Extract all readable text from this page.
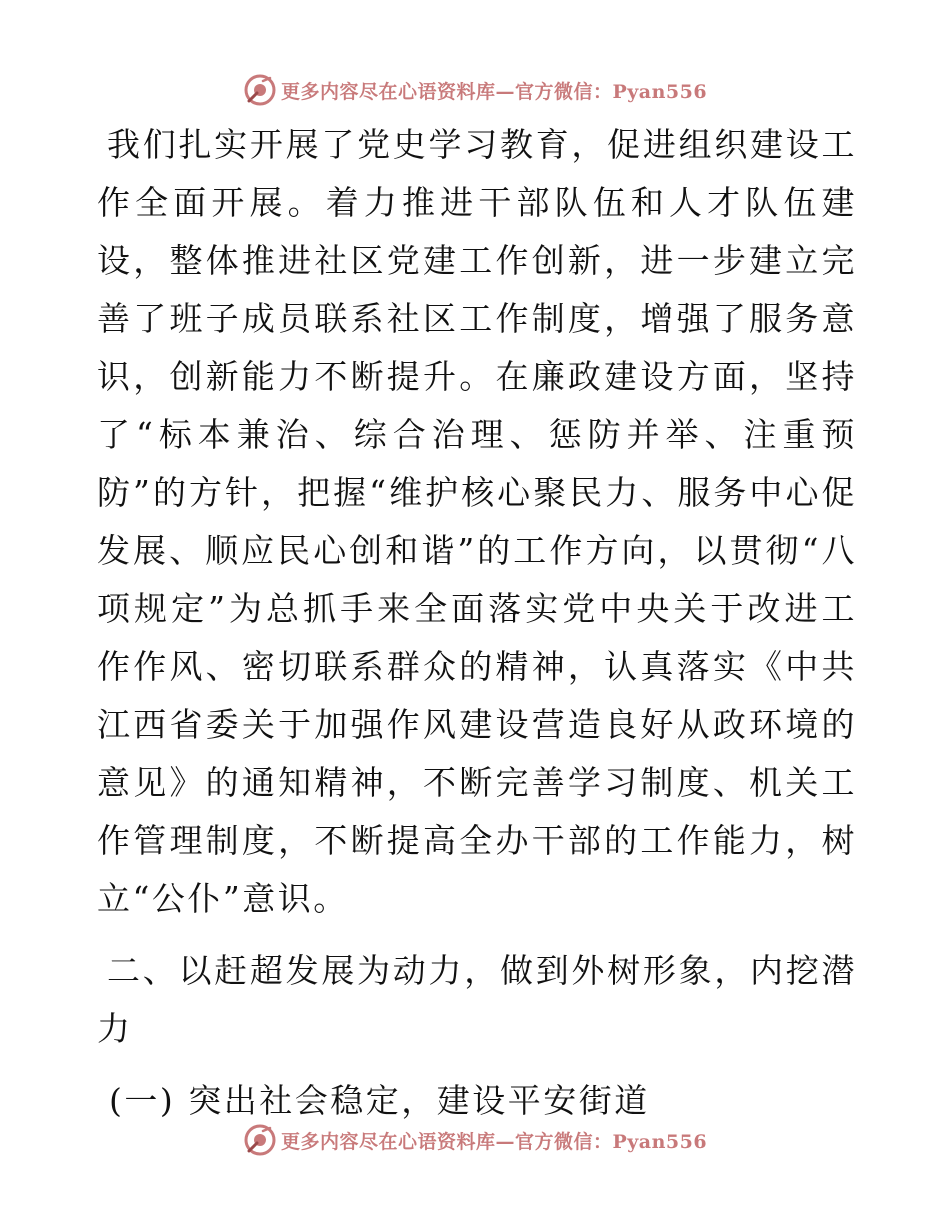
更多内容尽在心语资料库—官方微信：Pyan556

我们扎实开展了党史学习教育，促进组织建设工作全面开展。着力推进干部队伍和人才队伍建设，整体推进社区党建工作创新，进一步建立完善了班子成员联系社区工作制度，增强了服务意识，创新能力不断提升。在廉政建设方面，坚持了“标本兼治、综合治理、惩防并举、注重预防”的方针，把握“维护核心聚民力、服务中心促发展、顺应民心创和谐”的工作方向，以贯彻“八项规定”为总抓手来全面落实党中央关于改进工作作风、密切联系群众的精神，认真落实《中共江西省委关于加强作风建设营造良好从政环境的意见》的通知精神，不断完善学习制度、机关工作管理制度，不断提高全办干部的工作能力，树立“公仆”意识。

二、以赶超发展为动力，做到外树形象，内挖潜力

(一) 突出社会稳定，建设平安街道

更多内容尽在心语资料库—官方微信：Pyan556
